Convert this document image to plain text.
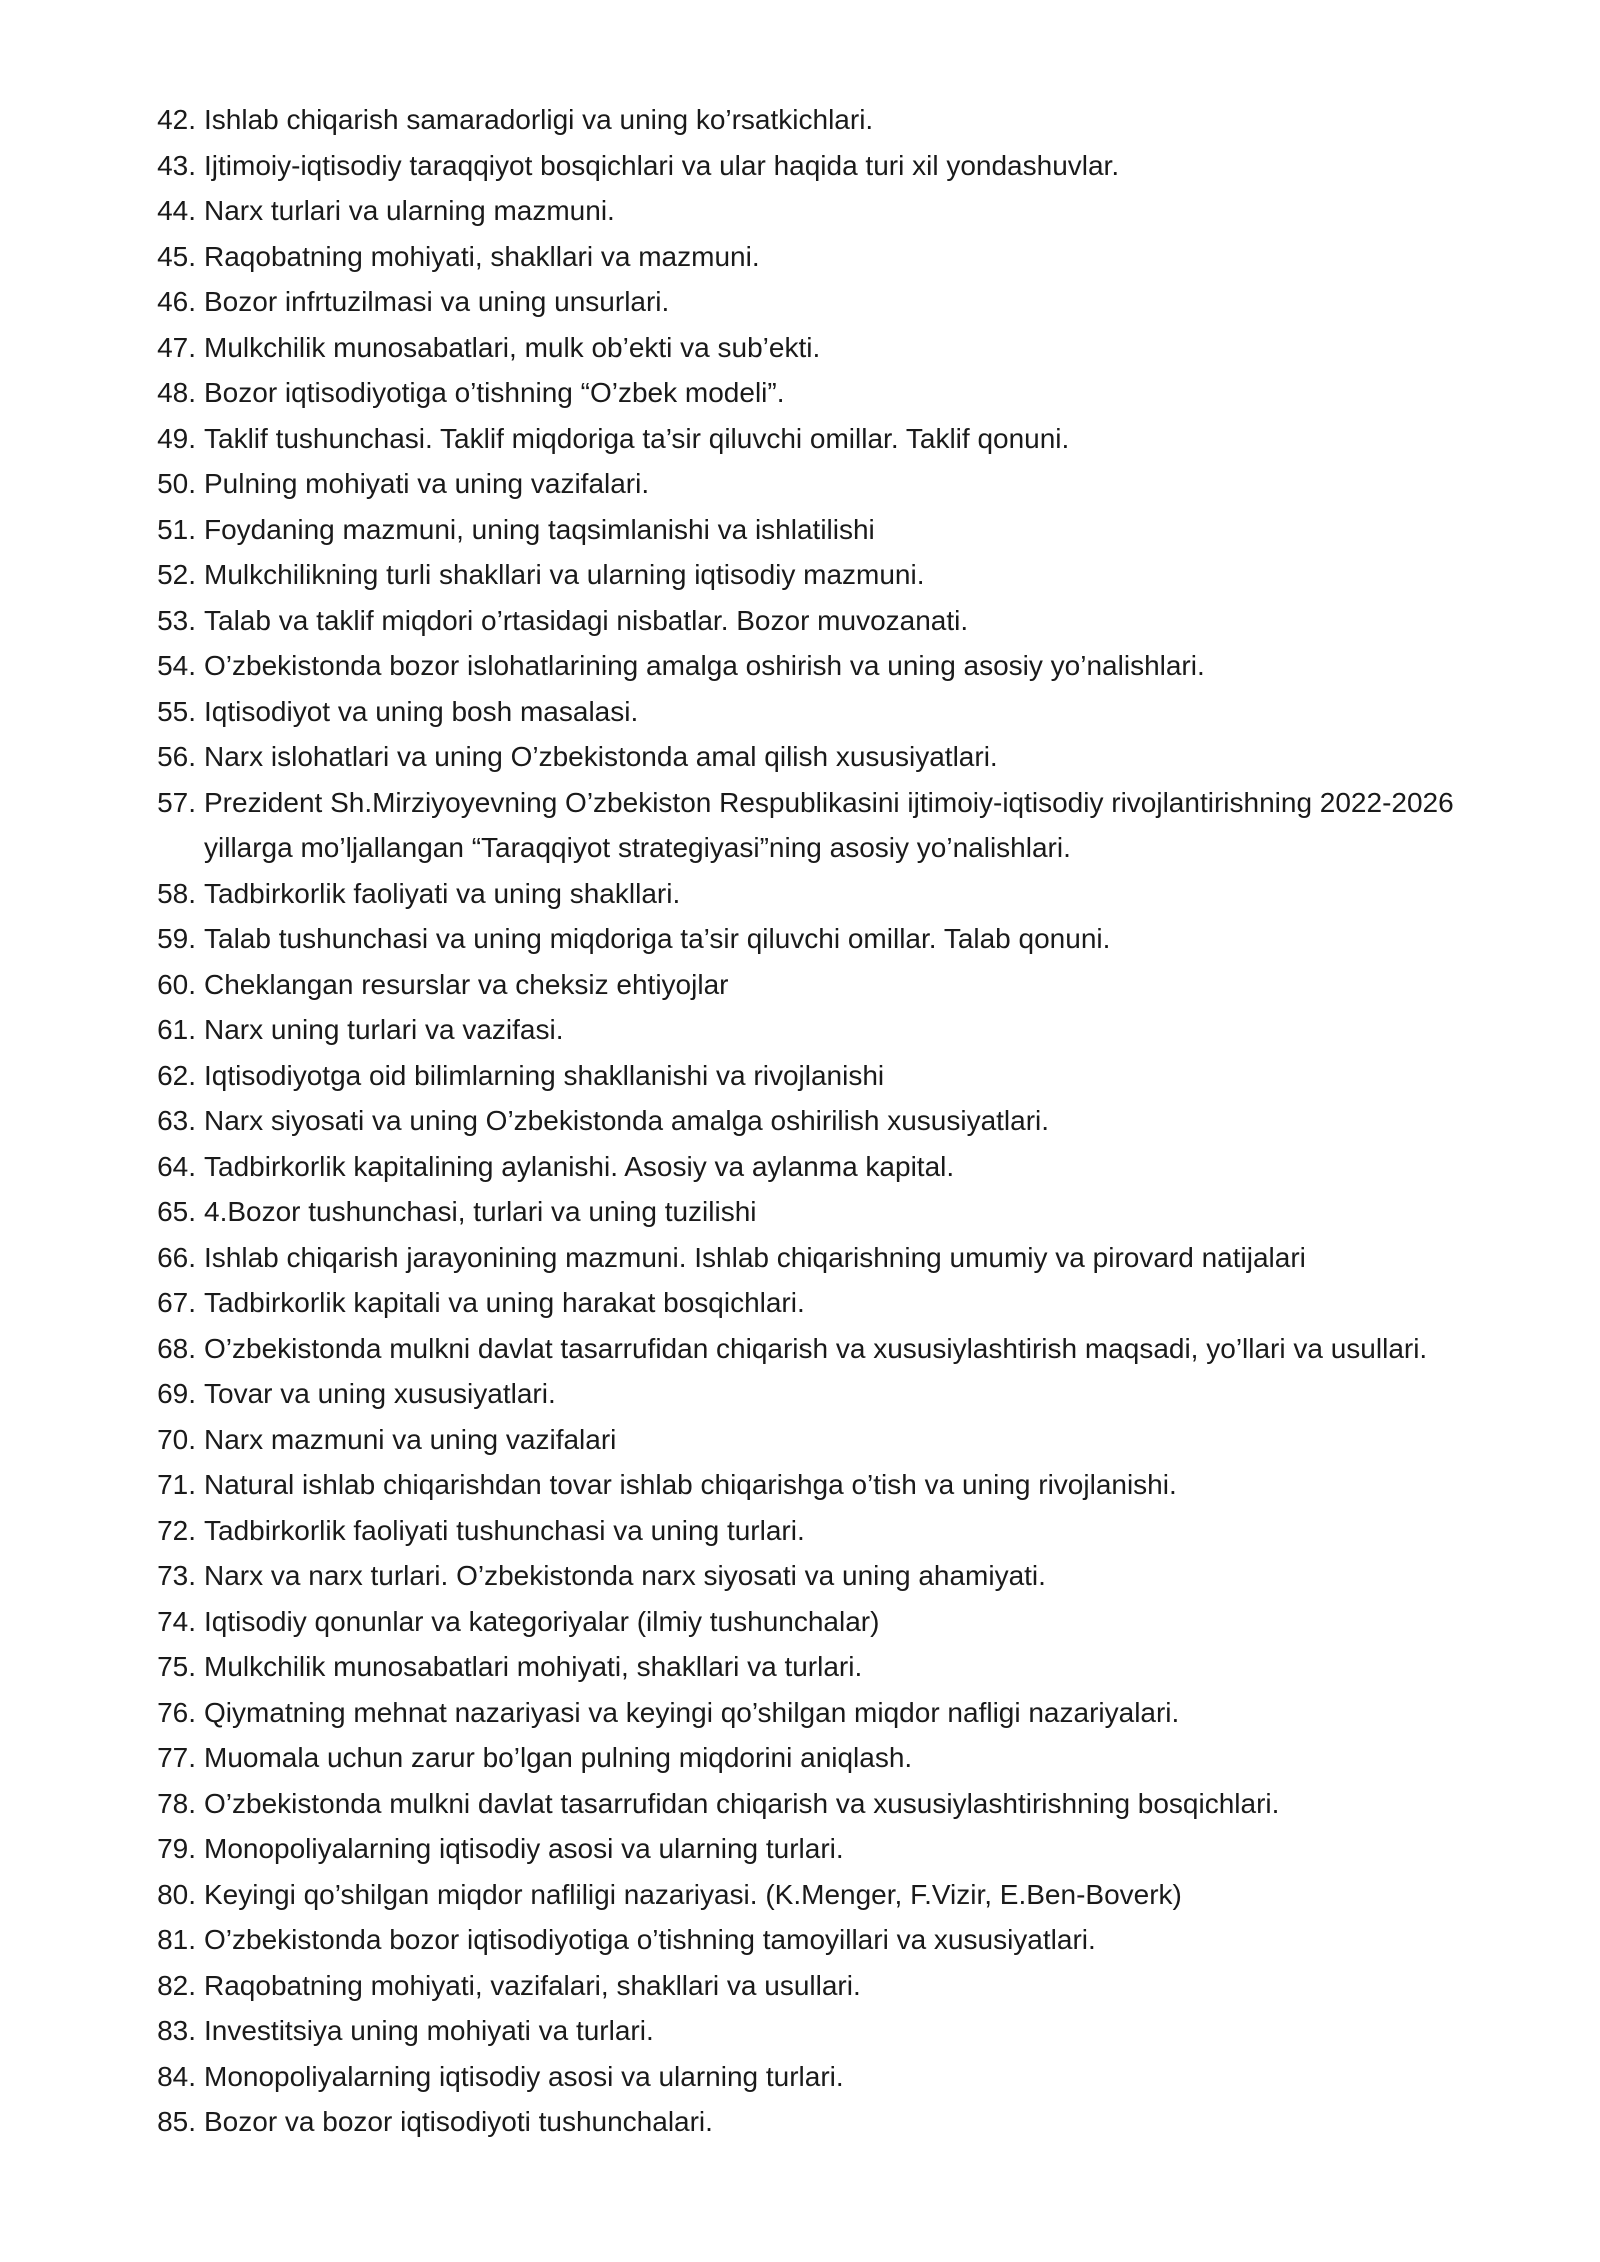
42. Ishlab chiqarish samaradorligi va uning ko’rsatkichlari.
43. Ijtimoiy-iqtisodiy taraqqiyot bosqichlari va ular haqida turi xil yondashuvlar.
44. Narx turlari va ularning mazmuni.
45. Raqobatning mohiyati, shakllari va mazmuni.
46. Bozor infrtuzilmasi va uning unsurlari.
47. Mulkchilik munosabatlari, mulk ob’ekti va sub’ekti.
48. Bozor iqtisodiyotiga o’tishning “O’zbek modeli”.
49. Taklif tushunchasi. Taklif miqdoriga ta’sir qiluvchi omillar. Taklif qonuni.
50. Pulning mohiyati va uning vazifalari.
51. Foydaning mazmuni, uning taqsimlanishi va ishlatilishi
52. Mulkchilikning turli shakllari va ularning iqtisodiy mazmuni.
53. Talab va taklif miqdori o’rtasidagi nisbatlar. Bozor muvozanati.
54. O’zbekistonda bozor islohatlarining amalga oshirish va uning asosiy yo’nalishlari.
55. Iqtisodiyot va uning bosh masalasi.
56. Narx islohatlari va uning O’zbekistonda amal qilish xususiyatlari.
57. Prezident Sh.Mirziyoyevning O’zbekiston Respublikasini ijtimoiy-iqtisodiy rivojlantirishning 2022-2026 yillarga mo’ljallangan “Taraqqiyot strategiyasi”ning asosiy yo’nalishlari.
58. Tadbirkorlik faoliyati va uning shakllari.
59. Talab tushunchasi va uning miqdoriga ta’sir qiluvchi omillar. Talab qonuni.
60. Cheklangan resurslar va cheksiz ehtiyojlar
61. Narx uning turlari va vazifasi.
62. Iqtisodiyotga oid bilimlarning shakllanishi va rivojlanishi
63. Narx siyosati va uning O’zbekistonda amalga oshirilish xususiyatlari.
64. Tadbirkorlik kapitalining aylanishi. Asosiy va aylanma kapital.
65. 4.Bozor tushunchasi, turlari va uning tuzilishi
66. Ishlab chiqarish jarayonining mazmuni. Ishlab chiqarishning umumiy va pirovard natijalari
67. Tadbirkorlik kapitali va uning harakat bosqichlari.
68. O’zbekistonda mulkni davlat tasarrufidan chiqarish va xususiylashtirish maqsadi, yo’llari va usullari.
69. Tovar va uning xususiyatlari.
70. Narx mazmuni va uning vazifalari
71. Natural ishlab chiqarishdan tovar ishlab chiqarishga o’tish va uning rivojlanishi.
72. Tadbirkorlik faoliyati tushunchasi va uning turlari.
73. Narx va narx turlari. O’zbekistonda narx siyosati va uning ahamiyati.
74. Iqtisodiy qonunlar va kategoriyalar (ilmiy tushunchalar)
75. Mulkchilik munosabatlari mohiyati, shakllari va turlari.
76. Qiymatning mehnat nazariyasi va keyingi qo’shilgan miqdor nafligi nazariyalari.
77. Muomala uchun zarur bo’lgan pulning miqdorini aniqlash.
78. O’zbekistonda mulkni davlat tasarrufidan chiqarish va xususiylashtirishning bosqichlari.
79. Monopoliyalarning iqtisodiy asosi va ularning turlari.
80. Keyingi qo’shilgan miqdor nafliligi nazariyasi. (K.Menger, F.Vizir, E.Ben-Boverk)
81. O’zbekistonda bozor iqtisodiyotiga o’tishning tamoyillari va xususiyatlari.
82. Raqobatning mohiyati, vazifalari, shakllari va usullari.
83. Investitsiya uning mohiyati va turlari.
84. Monopoliyalarning iqtisodiy asosi va ularning turlari.
85. Bozor va bozor iqtisodiyoti tushunchalari.
